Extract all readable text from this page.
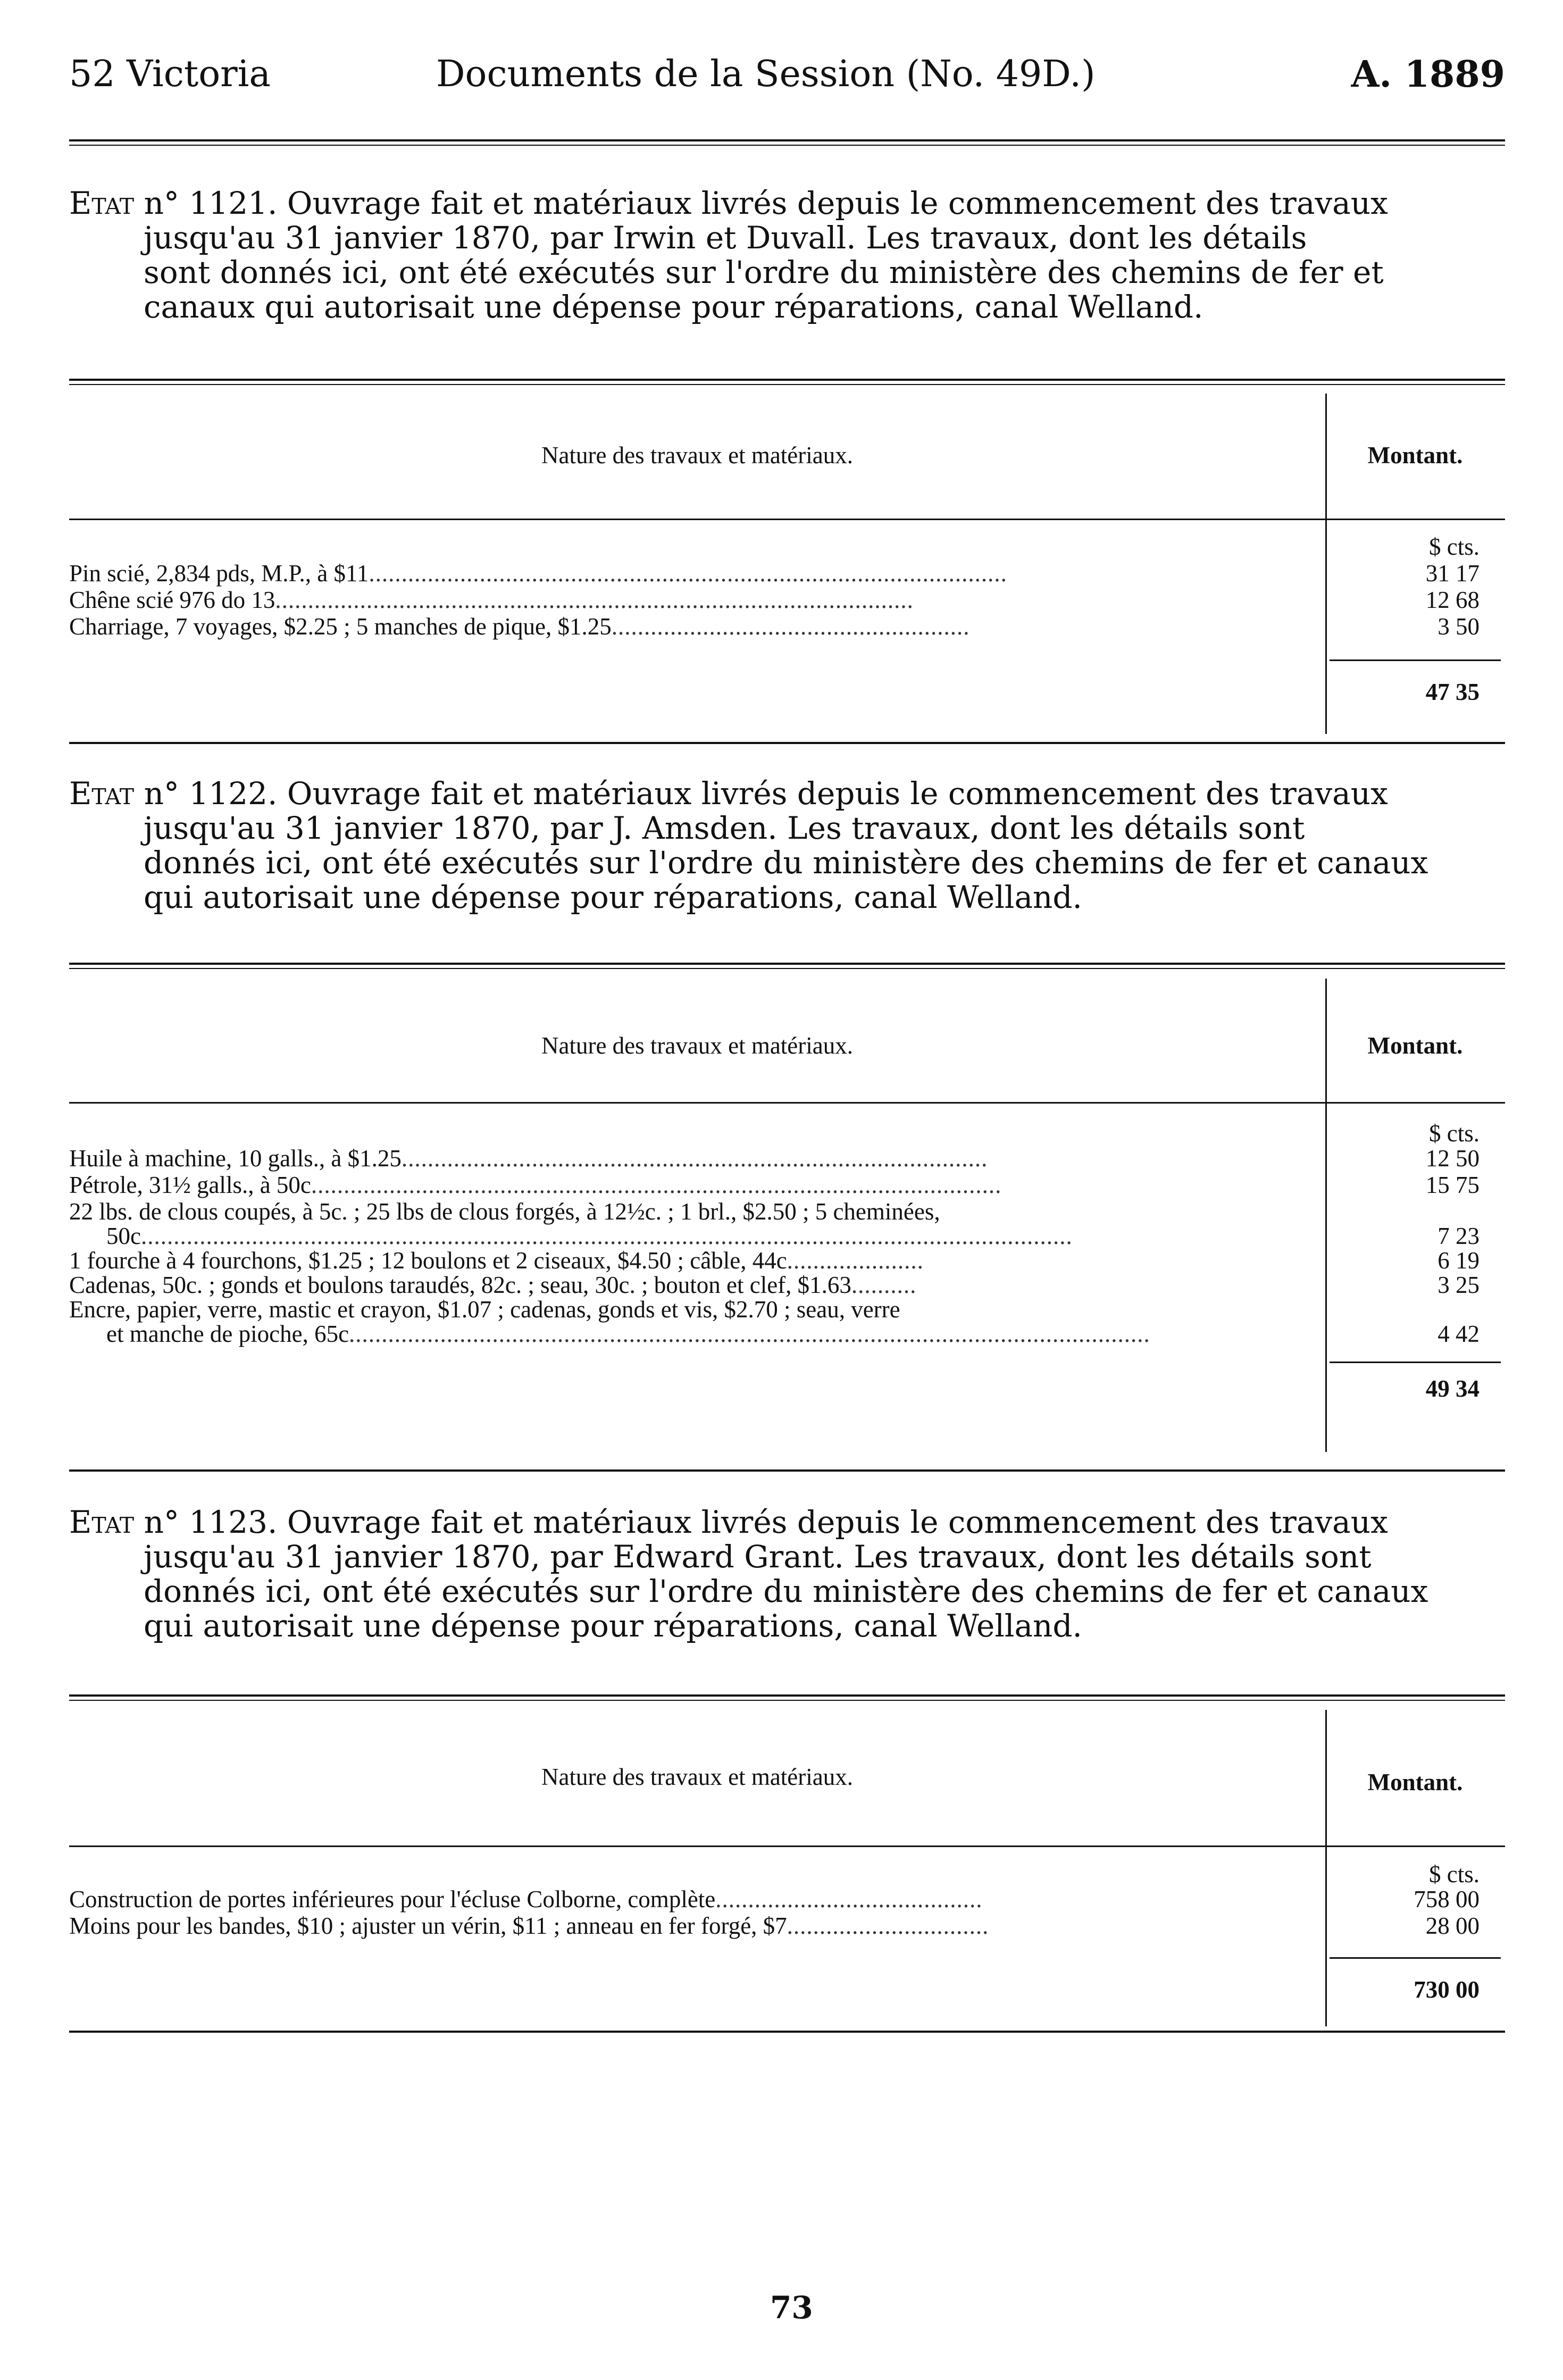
52 Victoria	Documents de la Session (No. 49D.)	A. 1889
Etat n° 1121. Ouvrage fait et matériaux livrés depuis le commencement des travaux
jusqu'au 31 janvier 1870, par Irwin et Duvall. Les travaux, dont les détails
sont donnés ici, ont été exécutés sur l'ordre du ministère des chemins de fer et
canaux qui autorisait une dépense pour réparations, canal Welland.
Nature des travaux et matériaux.	Montant.
$ cts.
Pin scié, 2,834 pds, M.P., à $11..................................................................................................	31 17
Chêne scié 976 do 13..................................................................................................	12 68
Charriage, 7 voyages, $2.25 ; 5 manches de pique, $1.25.......................................................	3 50
47 35
Etat n° 1122. Ouvrage fait et matériaux livrés depuis le commencement des travaux
jusqu'au 31 janvier 1870, par J. Amsden. Les travaux, dont les détails sont
donnés ici, ont été exécutés sur l'ordre du ministère des chemins de fer et canaux
qui autorisait une dépense pour réparations, canal Welland.
Nature des travaux et matériaux.	Montant.
$ cts.
Huile à machine, 10 galls., à $1.25..........................................................................................	12 50
Pétrole, 31½ galls., à 50c..........................................................................................................	15 75
22 lbs. de clous coupés, à 5c. ; 25 lbs de clous forgés, à 12½c. ; 1 brl., $2.50 ; 5 cheminées,
50c...............................................................................................................................................	7 23
1 fourche à 4 fourchons, $1.25 ; 12 boulons et 2 ciseaux, $4.50 ; câble, 44c.....................	6 19
Cadenas, 50c. ; gonds et boulons taraudés, 82c. ; seau, 30c. ; bouton et clef, $1.63..........	3 25
Encre, papier, verre, mastic et crayon, $1.07 ; cadenas, gonds et vis, $2.70 ; seau, verre
et manche de pioche, 65c...........................................................................................................................	4 42
49 34
Etat n° 1123. Ouvrage fait et matériaux livrés depuis le commencement des travaux
jusqu'au 31 janvier 1870, par Edward Grant. Les travaux, dont les détails sont
donnés ici, ont été exécutés sur l'ordre du ministère des chemins de fer et canaux
qui autorisait une dépense pour réparations, canal Welland.
Nature des travaux et matériaux.	Montant.
$ cts.
Construction de portes inférieures pour l'écluse Colborne, complète.........................................	758 00
Moins pour les bandes, $10 ; ajuster un vérin, $11 ; anneau en fer forgé, $7...............................	28 00
730 00
73
